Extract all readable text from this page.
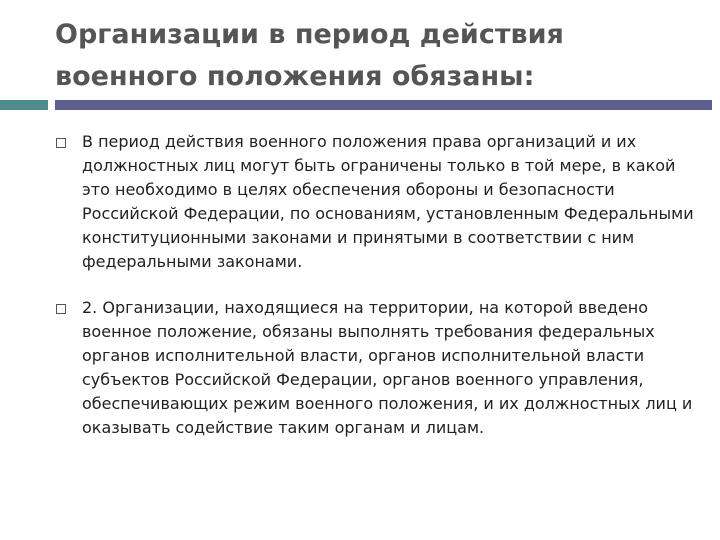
Организации в период действия
военного положения обязаны:
В период действия военного положения права организаций и их должностных лиц могут быть ограничены только в той мере, в какой это необходимо в целях обеспечения обороны и безопасности Российской Федерации, по основаниям, установленным Федеральными конституционными законами и принятыми в соответствии с ним федеральными законами.
2. Организации, находящиеся на территории, на которой введено военное положение, обязаны выполнять требования федеральных органов исполнительной власти, органов исполнительной власти субъектов Российской Федерации, органов военного управления, обеспечивающих режим военного положения, и их должностных лиц и оказывать содействие таким органам и лицам.
